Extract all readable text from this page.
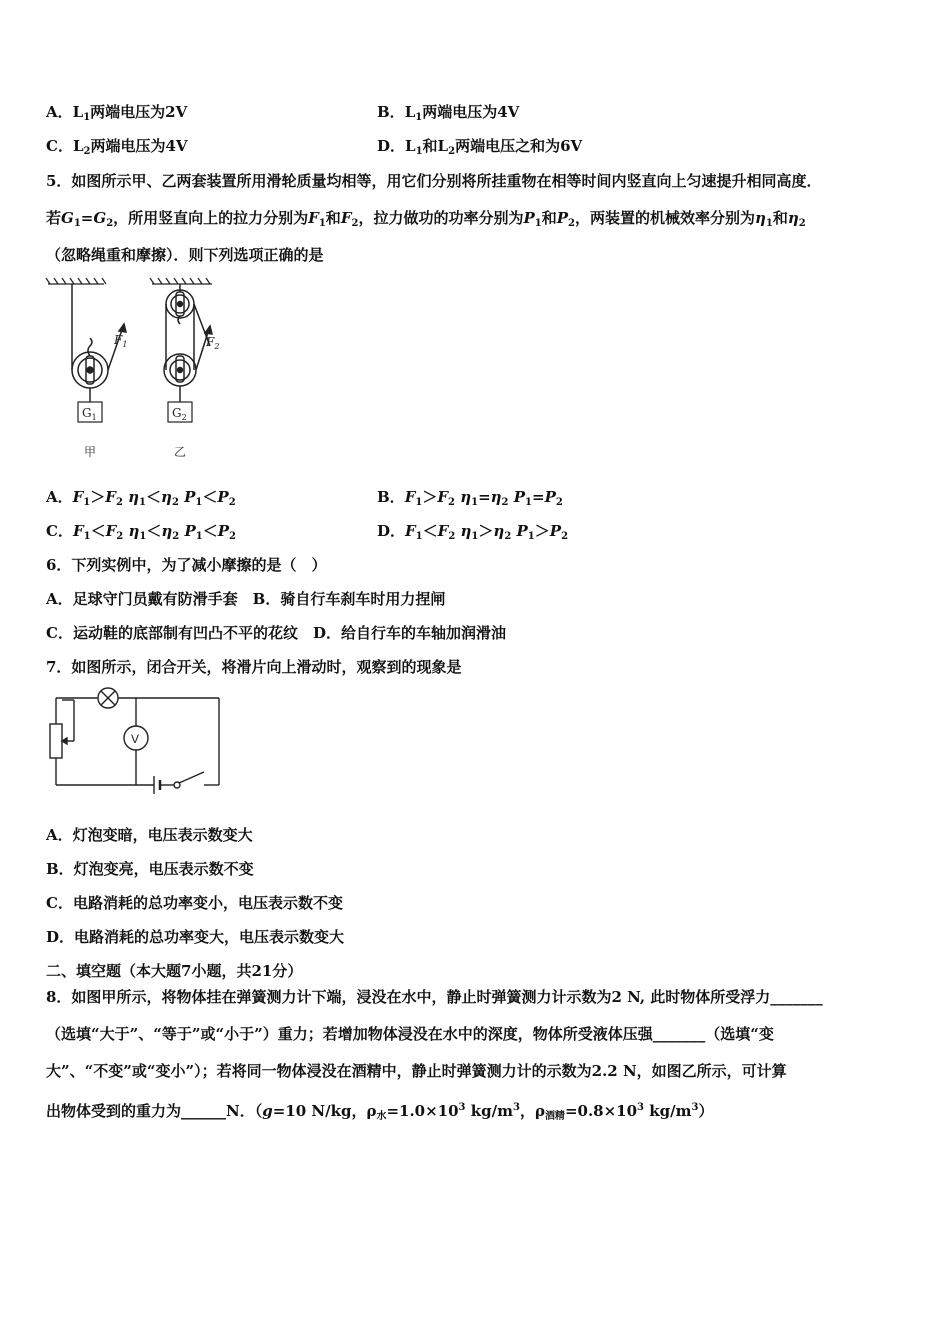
A．$L_1$两端电压为2V	B．$L_1$两端电压为4V
C．$L_2$两端电压为4V	D．$L_1$和$L_2$两端电压之和为6V
5．如图所示甲、乙两套装置所用滑轮质量均相等，用它们分别将所挂重物在相等时间内竖直向上匀速提升相同高度．
若$G_1=G_2$，所用竖直向上的拉力分别为$F_1$和$F_2$，拉力做功的功率分别为$P_1$和$P_2$，两装置的机械效率分别为$\eta_1$和$\eta_2$
（忽略绳重和摩擦）．则下列选项正确的是
$F_1$
$G_1$
$F_2$
$G_2$
甲	乙
A．$F_1>F_2$ $\eta_1<\eta_2$ $P_1<P_2$	B．$F_1>F_2$ $\eta_1=\eta_2$ $P_1=P_2$
C．$F_1<F_2$ $\eta_1<\eta_2$ $P_1<P_2$	D．$F_1<F_2$ $\eta_1>\eta_2$ $P_1>P_2$
6．下列实例中，为了减小摩擦的是（　）
A．足球守门员戴有防滑手套　B．骑自行车刹车时用力捏闸
C．运动鞋的底部制有凹凸不平的花纹　D．给自行车的车轴加润滑油
7．如图所示，闭合开关，将滑片向上滑动时，观察到的现象是
V
A．灯泡变暗，电压表示数变大
B．灯泡变亮，电压表示数不变
C．电路消耗的总功率变小，电压表示数不变
D．电路消耗的总功率变大，电压表示数变大
二、填空题（本大题7小题，共21分）
8．如图甲所示，将物体挂在弹簧测力计下端，浸没在水中，静止时弹簧测力计示数为2 N, 此时物体所受浮力_______
（选填“大于”、“等于”或“小于”）重力；若增加物体浸没在水中的深度，物体所受液体压强_______（选填“变
大”、“不变”或“变小”）；若将同一物体浸没在酒精中，静止时弹簧测力计的示数为2.2 N，如图乙所示，可计算
出物体受到的重力为______N．（g=10 N/kg，$\rho_水=1.0\times 10^3$ $kg/m^3$，$\rho_{酒精}=0.8\times 10^3$ $kg/m^3$）
